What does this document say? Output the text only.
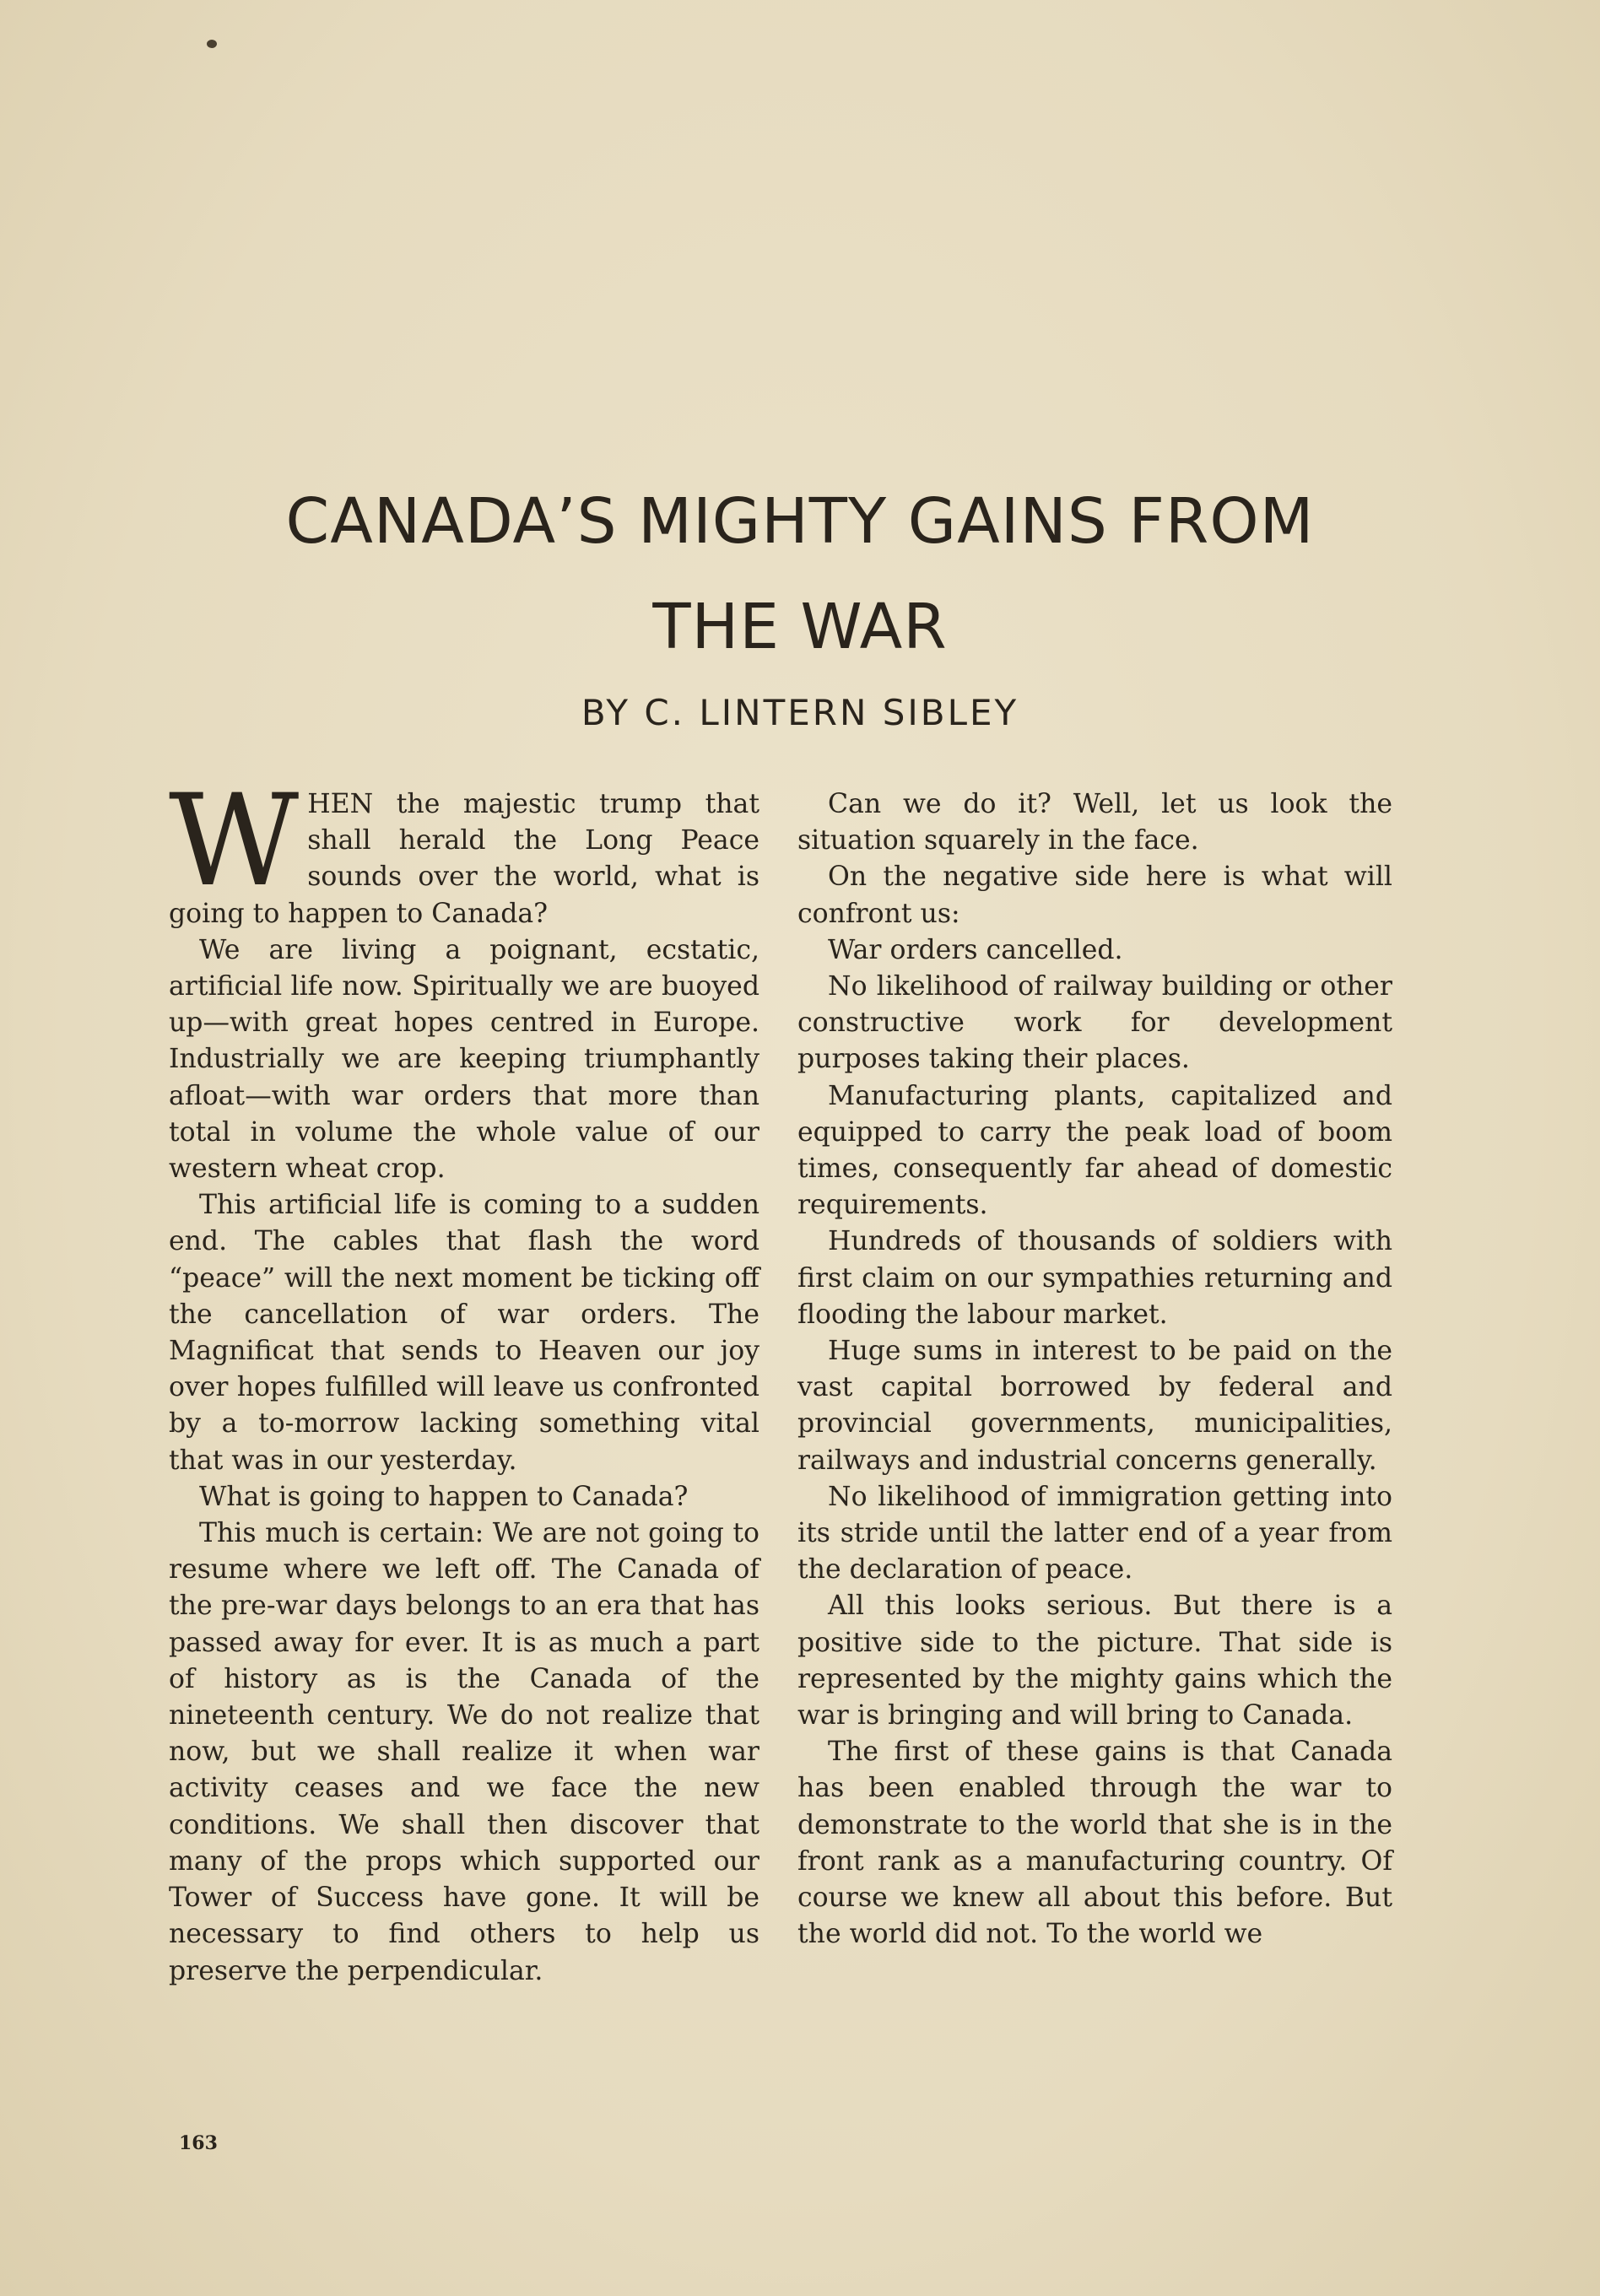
CANADA’S MIGHTY GAINS FROM
THE WAR
BY C. LINTERN SIBLEY

WHEN the majestic trump that shall herald the Long Peace sounds over the world, what is going to happen to Canada?

We are living a poignant, ecstatic, artificial life now. Spiritually we are buoyed up—with great hopes centred in Europe. Industrially we are keeping triumphantly afloat—with war orders that more than total in volume the whole value of our western wheat crop.

This artificial life is coming to a sudden end. The cables that flash the word “peace” will the next moment be ticking off the cancellation of war orders. The Magnificat that sends to Heaven our joy over hopes fulfilled will leave us confronted by a to-morrow lacking something vital that was in our yesterday.

What is going to happen to Canada?

This much is certain: We are not going to resume where we left off. The Canada of the pre-war days belongs to an era that has passed away for ever. It is as much a part of history as is the Canada of the nineteenth century. We do not realize that now, but we shall realize it when war activity ceases and we face the new conditions. We shall then discover that many of the props which supported our Tower of Success have gone. It will be necessary to find others to help us preserve the perpendicular.

Can we do it? Well, let us look the situation squarely in the face.

On the negative side here is what will confront us:

War orders cancelled.

No likelihood of railway building or other constructive work for development purposes taking their places.

Manufacturing plants, capitalized and equipped to carry the peak load of boom times, consequently far ahead of domestic requirements.

Hundreds of thousands of soldiers with first claim on our sympathies returning and flooding the labour market.

Huge sums in interest to be paid on the vast capital borrowed by federal and provincial governments, municipalities, railways and industrial concerns generally.

No likelihood of immigration getting into its stride until the latter end of a year from the declaration of peace.

All this looks serious. But there is a positive side to the picture. That side is represented by the mighty gains which the war is bringing and will bring to Canada.

The first of these gains is that Canada has been enabled through the war to demonstrate to the world that she is in the front rank as a manufacturing country. Of course we knew all about this before. But the world did not. To the world we

163
